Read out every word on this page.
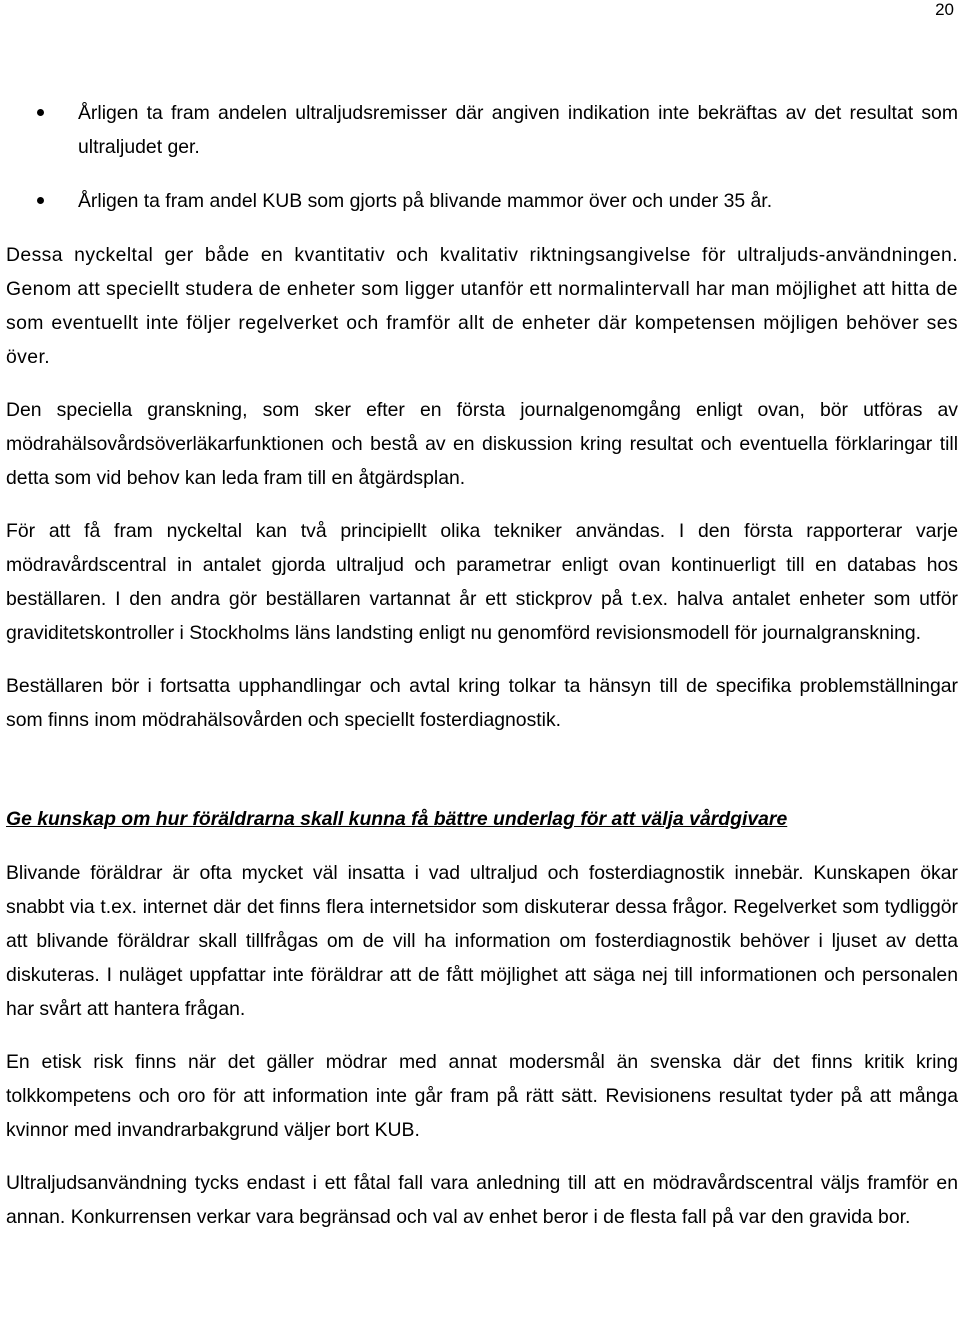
20
Årligen ta fram andelen ultraljudsremisser där angiven indikation inte bekräftas av det resultat som ultraljudet ger.
Årligen ta fram andel KUB som gjorts på blivande mammor över och under 35 år.

Dessa nyckeltal ger både en kvantitativ och kvalitativ riktningsangivelse för ultraljuds-användningen. Genom att speciellt studera de enheter som ligger utanför ett normalintervall har man möjlighet att hitta de som eventuellt inte följer regelverket och framför allt de enheter där kompetensen möjligen behöver ses över.

Den speciella granskning, som sker efter en första journalgenomgång enligt ovan, bör utföras av mödrahälsovårdsöverläkarfunktionen och bestå av en diskussion kring resultat och eventuella förklaringar till detta som vid behov kan leda fram till en åtgärdsplan.

För att få fram nyckeltal kan två principiellt olika tekniker användas. I den första rapporterar varje mödravårdscentral in antalet gjorda ultraljud och parametrar enligt ovan kontinuerligt till en databas hos beställaren. I den andra gör beställaren vartannat år ett stickprov på t.ex. halva antalet enheter som utför graviditetskontroller i Stockholms läns landsting enligt nu genomförd revisionsmodell för journalgranskning.

Beställaren bör i fortsatta upphandlingar och avtal kring tolkar ta hänsyn till de specifika problemställningar som finns inom mödrahälsovården och speciellt fosterdiagnostik.

Ge kunskap om hur föräldrarna skall kunna få bättre underlag för att välja vårdgivare

Blivande föräldrar är ofta mycket väl insatta i vad ultraljud och fosterdiagnostik innebär. Kunskapen ökar snabbt via t.ex. internet där det finns flera internetsidor som diskuterar dessa frågor. Regelverket som tydliggör att blivande föräldrar skall tillfrågas om de vill ha information om fosterdiagnostik behöver i ljuset av detta diskuteras. I nuläget uppfattar inte föräldrar att de fått möjlighet att säga nej till informationen och personalen har svårt att hantera frågan.

En etisk risk finns när det gäller mödrar med annat modersmål än svenska där det finns kritik kring tolkkompetens och oro för att information inte går fram på rätt sätt. Revisionens resultat tyder på att många kvinnor med invandrarbakgrund väljer bort KUB.

Ultraljudsanvändning tycks endast i ett fåtal fall vara anledning till att en mödravårdscentral väljs framför en annan. Konkurrensen verkar vara begränsad och val av enhet beror i de flesta fall på var den gravida bor.
